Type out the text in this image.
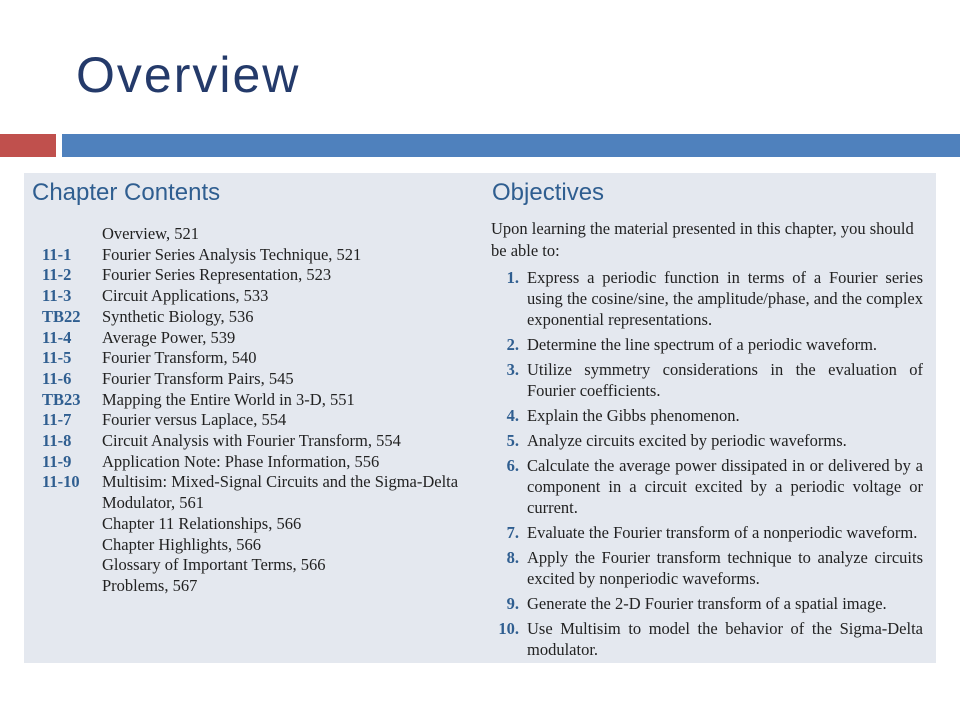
Overview
Chapter Contents	Objectives
Overview, 521
11-1	Fourier Series Analysis Technique, 521
11-2	Fourier Series Representation, 523
11-3	Circuit Applications, 533
TB22	Synthetic Biology, 536
11-4	Average Power, 539
11-5	Fourier Transform, 540
11-6	Fourier Transform Pairs, 545
TB23	Mapping the Entire World in 3-D, 551
11-7	Fourier versus Laplace, 554
11-8	Circuit Analysis with Fourier Transform, 554
11-9	Application Note: Phase Information, 556
11-10	Multisim: Mixed-Signal Circuits and the Sigma-Delta Modulator, 561
Chapter 11 Relationships, 566
Chapter Highlights, 566
Glossary of Important Terms, 566
Problems, 567
Upon learning the material presented in this chapter, you should be able to:
1. Express a periodic function in terms of a Fourier series using the cosine/sine, the amplitude/phase, and the complex exponential representations.
2. Determine the line spectrum of a periodic waveform.
3. Utilize symmetry considerations in the evaluation of Fourier coefficients.
4. Explain the Gibbs phenomenon.
5. Analyze circuits excited by periodic waveforms.
6. Calculate the average power dissipated in or delivered by a component in a circuit excited by a periodic voltage or current.
7. Evaluate the Fourier transform of a nonperiodic waveform.
8. Apply the Fourier transform technique to analyze circuits excited by nonperiodic waveforms.
9. Generate the 2-D Fourier transform of a spatial image.
10. Use Multisim to model the behavior of the Sigma-Delta modulator.
